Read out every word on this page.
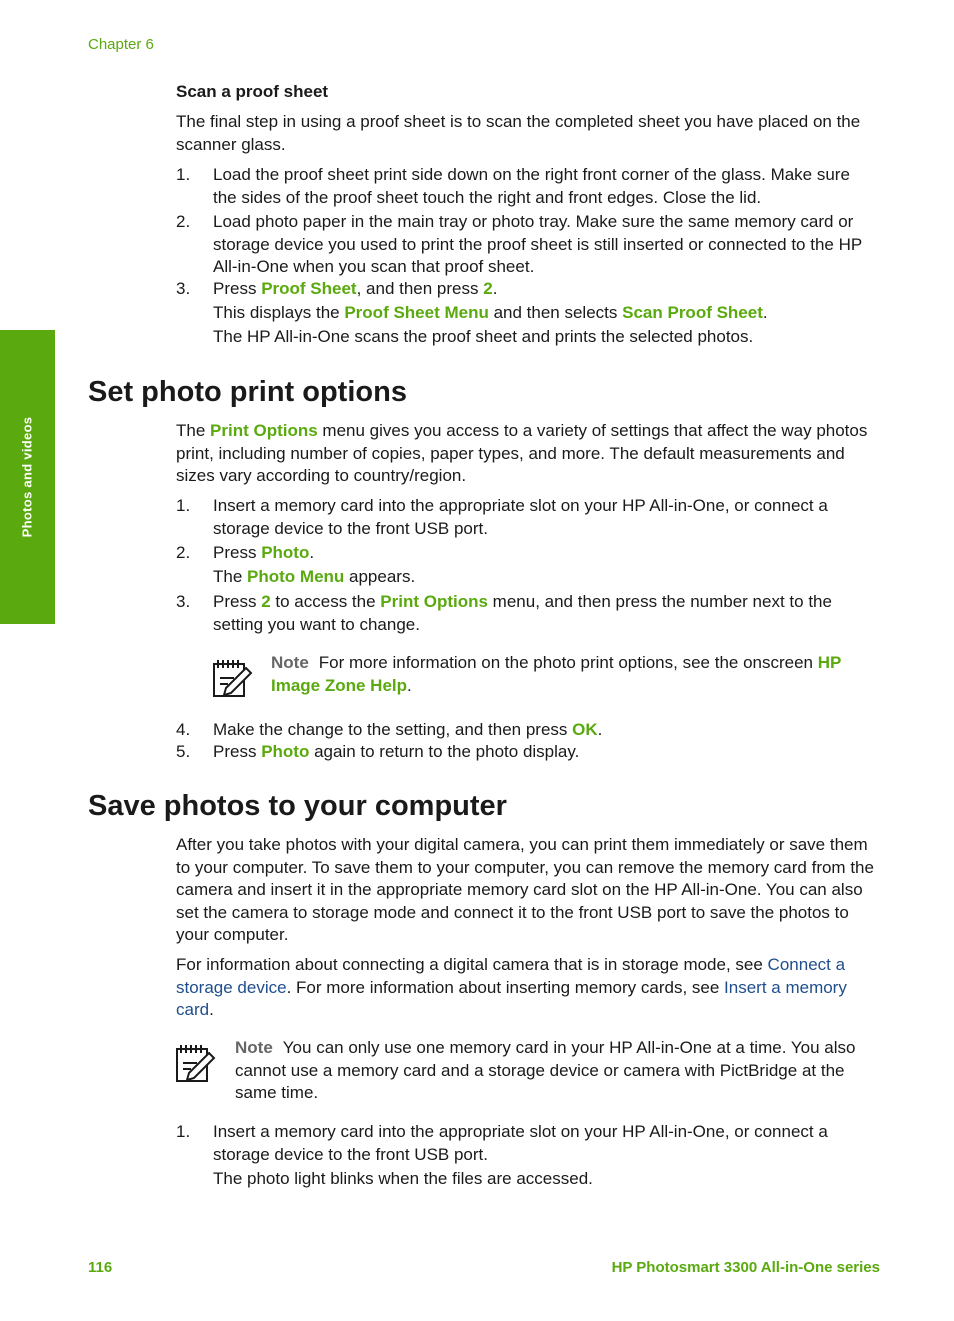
Chapter 6
Photos and videos
Scan a proof sheet
The final step in using a proof sheet is to scan the completed sheet you have placed on the scanner glass.
1. Load the proof sheet print side down on the right front corner of the glass. Make sure the sides of the proof sheet touch the right and front edges. Close the lid.
2. Load photo paper in the main tray or photo tray. Make sure the same memory card or storage device you used to print the proof sheet is still inserted or connected to the HP All-in-One when you scan that proof sheet.
3. Press Proof Sheet, and then press 2.
This displays the Proof Sheet Menu and then selects Scan Proof Sheet.
The HP All-in-One scans the proof sheet and prints the selected photos.
Set photo print options
The Print Options menu gives you access to a variety of settings that affect the way photos print, including number of copies, paper types, and more. The default measurements and sizes vary according to country/region.
1. Insert a memory card into the appropriate slot on your HP All-in-One, or connect a storage device to the front USB port.
2. Press Photo.
The Photo Menu appears.
3. Press 2 to access the Print Options menu, and then press the number next to the setting you want to change.
Note For more information on the photo print options, see the onscreen HP Image Zone Help.
4. Make the change to the setting, and then press OK.
5. Press Photo again to return to the photo display.
Save photos to your computer
After you take photos with your digital camera, you can print them immediately or save them to your computer. To save them to your computer, you can remove the memory card from the camera and insert it in the appropriate memory card slot on the HP All-in-One. You can also set the camera to storage mode and connect it to the front USB port to save the photos to your computer.
For information about connecting a digital camera that is in storage mode, see Connect a storage device. For more information about inserting memory cards, see Insert a memory card.
Note You can only use one memory card in your HP All-in-One at a time. You also cannot use a memory card and a storage device or camera with PictBridge at the same time.
1. Insert a memory card into the appropriate slot on your HP All-in-One, or connect a storage device to the front USB port.
The photo light blinks when the files are accessed.
116	HP Photosmart 3300 All-in-One series
